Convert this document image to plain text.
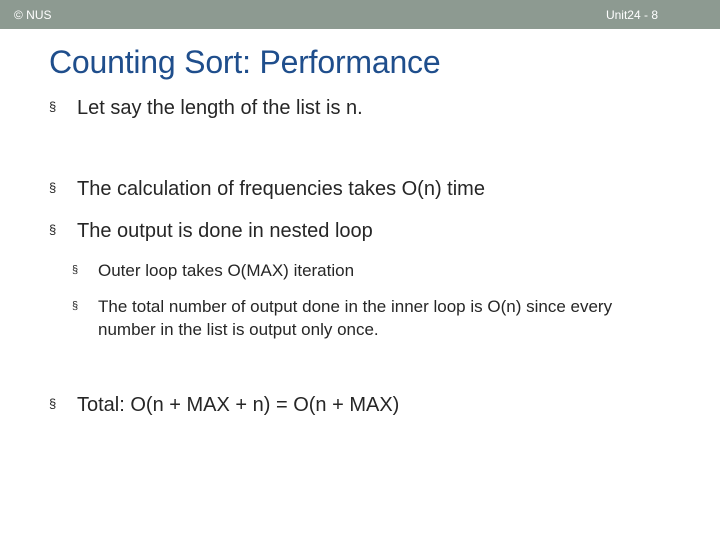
© NUS	Unit24 - 8
Counting Sort: Performance
§ Let say the length of the list is n.
§ The calculation of frequencies takes O(n) time
§ The output is done in nested loop
§ Outer loop takes O(MAX) iteration
§ The total number of output done in the inner loop is O(n) since every number in the list is output only once.
§ Total: O(n + MAX + n) = O(n + MAX)
